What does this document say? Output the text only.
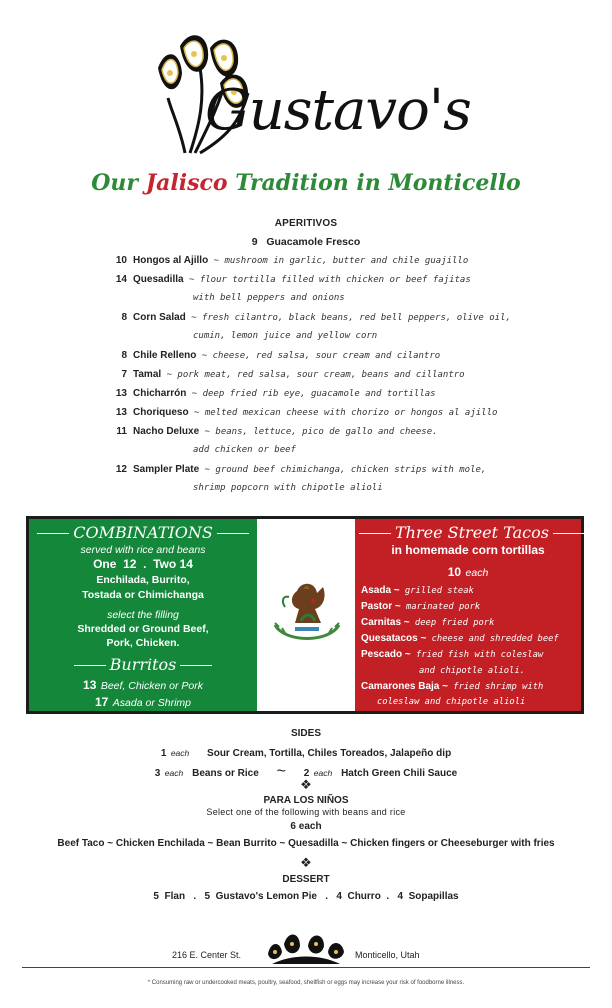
Gustavo's
Our Jalisco Tradition in Monticello
APERITIVOS
9 Guacamole Fresco
10 Hongos al Ajillo ~ mushroom in garlic, butter and chile guajillo
14 Quesadilla ~ flour tortilla filled with chicken or beef fajitas
with bell peppers and onions
8 Corn Salad ~ fresh cilantro, black beans, red bell peppers, olive oil,
cumin, lemon juice and yellow corn
8 Chile Relleno ~ cheese, red salsa, sour cream and cilantro
7 Tamal ~ pork meat, red salsa, sour cream, beans and cillantro
13 Chicharrón ~ deep fried rib eye, guacamole and tortillas
13 Choriqueso ~ melted mexican cheese with chorizo or hongos al ajillo
11 Nacho Deluxe ~ beans, lettuce, pico de gallo and cheese.
add chicken or beef
12 Sampler Plate ~ ground beef chimichanga, chicken strips with mole,
shrimp popcorn with chipotle alioli
COMBINATIONS
served with rice and beans
One  12  .  Two 14
Enchilada, Burrito,
Tostada or Chimichanga
select the filling
Shredded or Ground Beef,
Pork, Chicken.
Burritos
13 Beef, Chicken or Pork
17 Asada or Shrimp
Three Street Tacos
in homemade corn tortillas
10 each
Asada ~ grilled steak
Pastor ~ marinated pork
Carnitas ~ deep fried pork
Quesatacos ~ cheese and shredded beef
Pescado ~ fried fish with coleslaw
and chipotle alioli.
Camarones Baja ~ fried shrimp with
coleslaw and chipotle alioli
SIDES
1 each Sour Cream, Tortilla, Chiles Toreados, Jalapeño dip
3 each Beans or Rice ~ 2 each Hatch Green Chili Sauce
❖
PARA LOS NIÑOS
Select one of the following with beans and rice
6 each
Beef Taco ~ Chicken Enchilada ~ Bean Burrito ~ Quesadilla ~ Chicken fingers or Cheeseburger with fries
❖
DESSERT
5  Flan   .   5  Gustavo's Lemon Pie   .   4  Churro  .   4  Sopapillas
216 E. Center St.	Monticello, Utah
* Consuming raw or undercooked meats, poultry, seafood, shellfish or eggs may increase your risk of foodborne illness.
